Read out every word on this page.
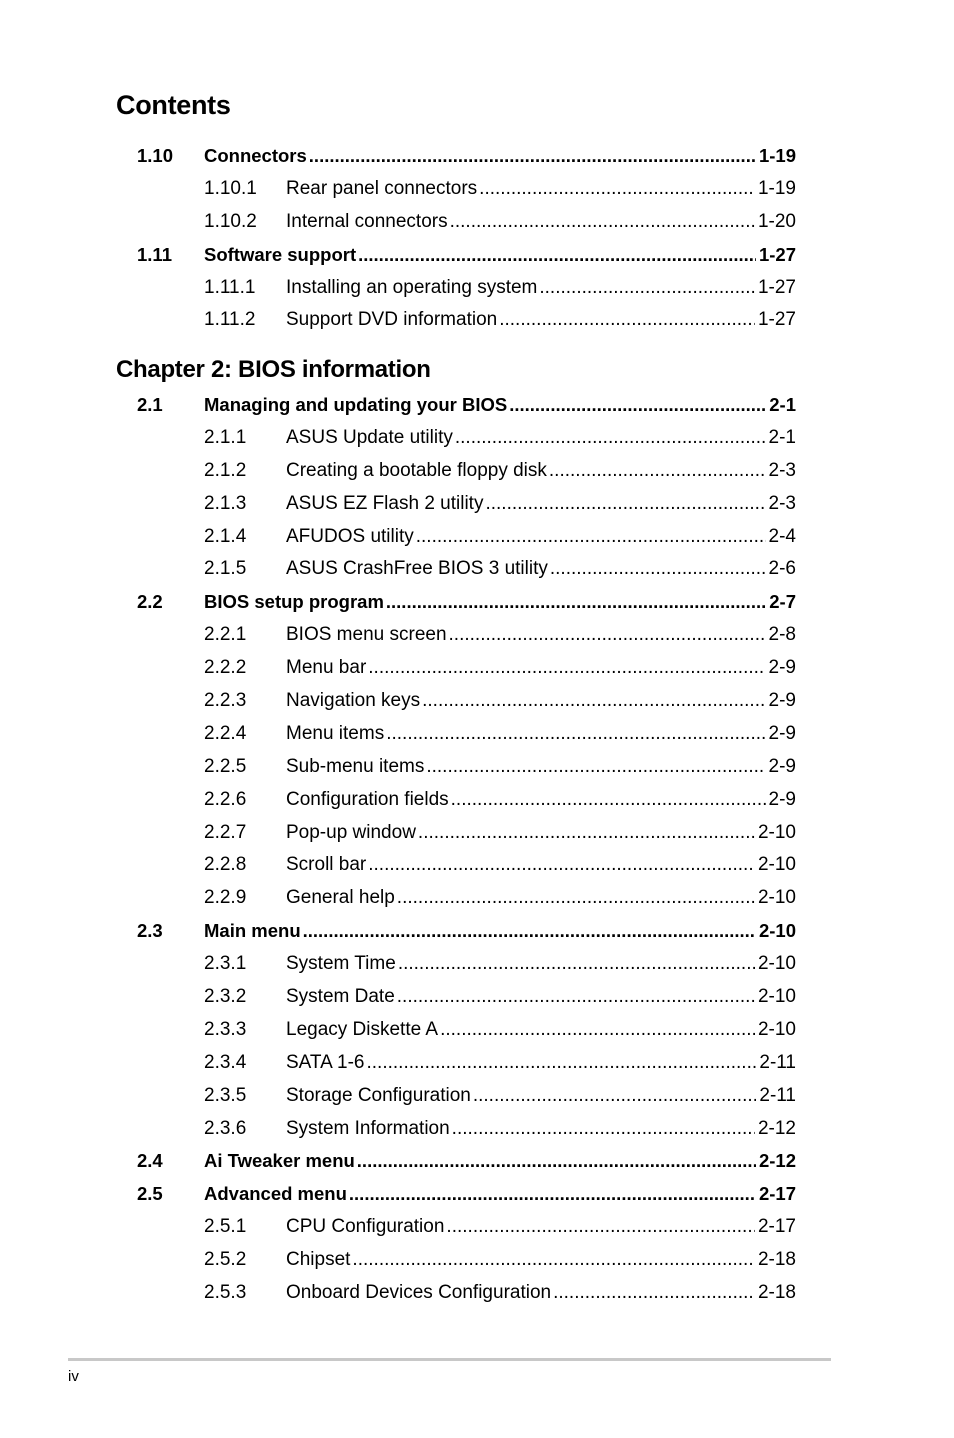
Contents
1.10 Connectors .....	1-19
1.10.1 Rear panel connectors .....	1-19
1.10.2 Internal connectors .....	1-20
1.11 Software support .....	1-27
1.11.1 Installing an operating system .....	1-27
1.11.2 Support DVD information .....	1-27
Chapter 2: BIOS information
2.1 Managing and updating your BIOS .....	2-1
2.1.1 ASUS Update utility .....	2-1
2.1.2 Creating a bootable floppy disk .....	2-3
2.1.3 ASUS EZ Flash 2 utility .....	2-3
2.1.4 AFUDOS utility .....	2-4
2.1.5 ASUS CrashFree BIOS 3 utility .....	2-6
2.2 BIOS setup program .....	2-7
2.2.1 BIOS menu screen .....	2-8
2.2.2 Menu bar .....	2-9
2.2.3 Navigation keys .....	2-9
2.2.4 Menu items .....	2-9
2.2.5 Sub-menu items .....	2-9
2.2.6 Configuration fields .....	2-9
2.2.7 Pop-up window .....	2-10
2.2.8 Scroll bar .....	2-10
2.2.9 General help .....	2-10
2.3 Main menu .....	2-10
2.3.1 System Time .....	2-10
2.3.2 System Date .....	2-10
2.3.3 Legacy Diskette A .....	2-10
2.3.4 SATA 1-6 .....	2-11
2.3.5 Storage Configuration .....	2-11
2.3.6 System Information .....	2-12
2.4 Ai Tweaker menu .....	2-12
2.5 Advanced menu .....	2-17
2.5.1 CPU Configuration .....	2-17
2.5.2 Chipset .....	2-18
2.5.3 Onboard Devices Configuration .....	2-18
iv
